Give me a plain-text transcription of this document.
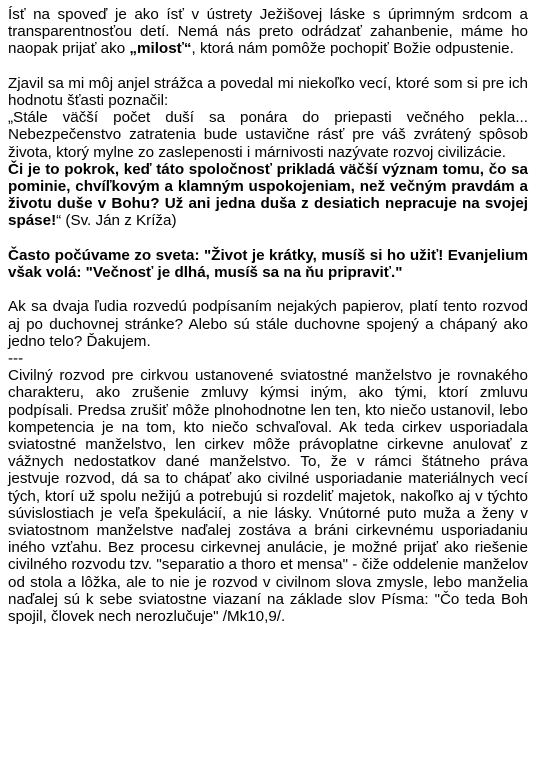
Ísť na spoveď je ako ísť v ústrety Ježišovej láske s úprimným srdcom a transparentnosťou detí. Nemá nás preto odrádzať zahanbenie, máme ho naopak prijať ako „milosť“, ktorá nám pomôže pochopiť Božie odpustenie.

Zjavil sa mi môj anjel strážca a povedal mi niekoľko vecí, ktoré som si pre ich hodnotu šťasti poznačil:

„Stále väčší počet duší sa ponára do priepasti večného pekla... Nebezpečenstvo zatratenia bude ustavične rásť pre váš zvrátený spôsob života, ktorý mylne zo zaslepenosti i márnivosti nazývate rozvoj civilizácie.

Či je to pokrok, keď táto spoločnosť prikladá väčší význam tomu, čo sa pominie, chvíľkovým a klamným uspokojeniam, než večným pravdám a životu duše v Bohu? Už ani jedna duša z desiatich nepracuje na svojej spáse!“ (Sv. Ján z Kríža)

Často počúvame zo sveta: "Život je krátky, musíš si ho užiť! Evanjelium však volá: "Večnosť je dlhá, musíš sa na ňu pripraviť."

Ak sa dvaja ľudia rozvedú podpísaním nejakých papierov, platí tento rozvod aj po duchovnej stránke? Alebo sú stále duchovne spojený a chápaný ako jedno telo? Ďakujem.

---

Civilný rozvod pre cirkvou ustanovené sviatostné manželstvo je rovnakého charakteru, ako zrušenie zmluvy kýmsi iným, ako tými, ktorí zmluvu podpísali. Predsa zrušiť môže plnohodnotne len ten, kto niečo ustanovil, lebo kompetencia je na tom, kto niečo schvaľoval. Ak teda cirkev usporiadala sviatostné manželstvo, len cirkev môže právoplatne cirkevne anulovať z vážnych nedostatkov dané manželstvo. To, že v rámci štátneho práva jestvuje rozvod, dá sa to chápať ako civilné usporiadanie materiálnych vecí tých, ktorí už spolu nežijú a potrebujú si rozdeliť majetok, nakoľko aj v týchto súvislostiach je veľa špekulácií, a nie lásky. Vnútorné puto muža a ženy v sviatostnom manželstve naďalej zostáva a bráni cirkevnému usporiadaniu iného vzťahu. Bez procesu cirkevnej anulácie, je možné prijať ako riešenie civilného rozvodu tzv. "separatio a thoro et mensa" - čiže oddelenie manželov od stola a lôžka, ale to nie je rozvod v civilnom slova zmysle, lebo manželia naďalej sú k sebe sviatostne viazaní na základe slov Písma: "Čo teda Boh spojil, človek nech nerozlučuje" /Mk10,9/.
